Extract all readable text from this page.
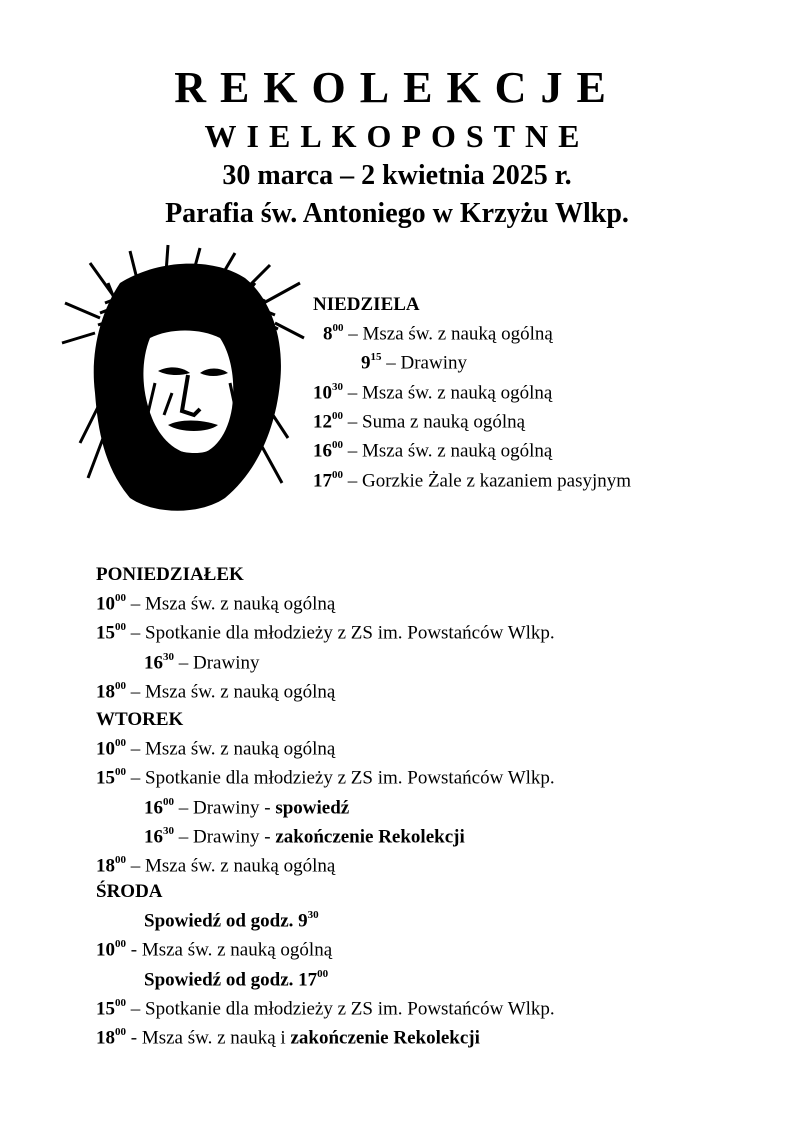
REKOLEKCJE
WIELKOPOSTNE
30 marca – 2 kwietnia 2025 r.
Parafia św. Antoniego w Krzyżu Wlkp.
NIEDZIELA
$8^{00}$ – Msza św. z nauką ogólną
$9^{15}$ – Drawiny
$10^{30}$ – Msza św. z nauką ogólną
$12^{00}$ – Suma z nauką ogólną
$16^{00}$ – Msza św. z nauką ogólną
$17^{00}$ – Gorzkie Żale z kazaniem pasyjnym
PONIEDZIAŁEK
$10^{00}$ – Msza św. z nauką ogólną
$15^{00}$ – Spotkanie dla młodzieży z ZS im. Powstańców Wlkp.
$16^{30}$ – Drawiny
$18^{00}$ – Msza św. z nauką ogólną
WTOREK
$10^{00}$ – Msza św. z nauką ogólną
$15^{00}$ – Spotkanie dla młodzieży z ZS im. Powstańców Wlkp.
$16^{00}$ – Drawiny - spowiedź
$16^{30}$ – Drawiny - zakończenie Rekolekcji
$18^{00}$ – Msza św. z nauką ogólną
ŚRODA
Spowiedź od godz. $9^{30}$
$10^{00}$ - Msza św. z nauką ogólną
Spowiedź od godz. $17^{00}$
$15^{00}$ – Spotkanie dla młodzieży z ZS im. Powstańców Wlkp.
$18^{00}$ - Msza św. z nauką i zakończenie Rekolekcji
